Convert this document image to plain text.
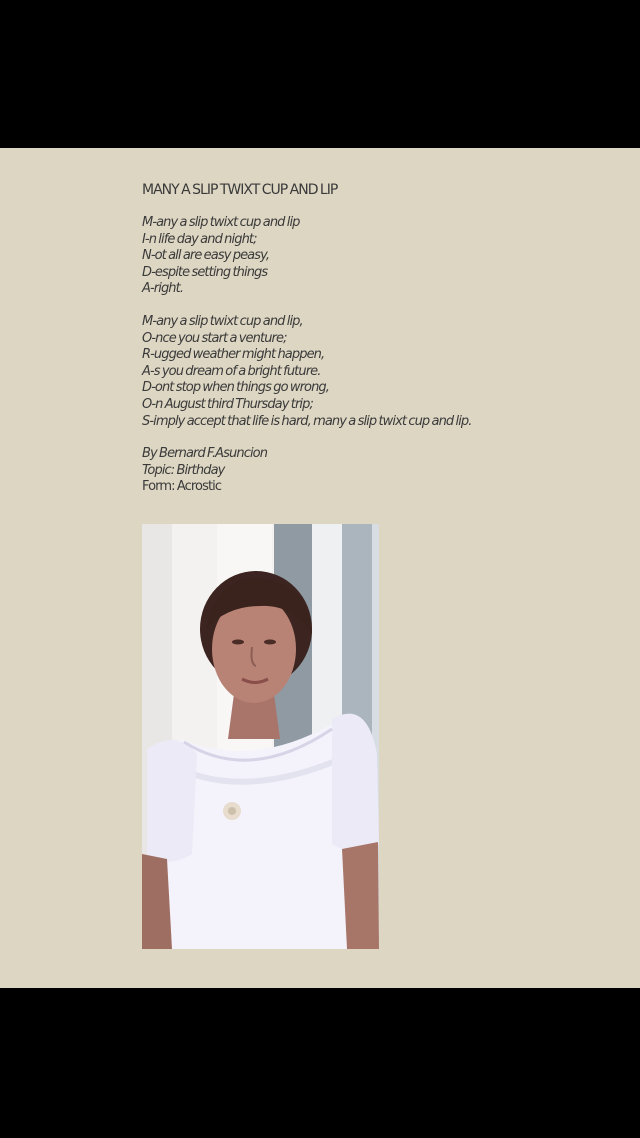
MANY A SLIP TWIXT CUP AND LIP
M-any a slip twixt cup and lip
I-n life day and night;
N-ot all are easy peasy,
D-espite setting things
A-right.
M-any a slip twixt cup and lip,
O-nce you start a venture;
R-ugged weather might happen,
A-s you dream of a bright future.
D-ont stop when things go wrong,
O-n August third Thursday trip;
S-imply accept that life is hard, many a slip twixt cup and lip.
By Bernard F.Asuncion
Topic: Birthday
Form: Acrostic
